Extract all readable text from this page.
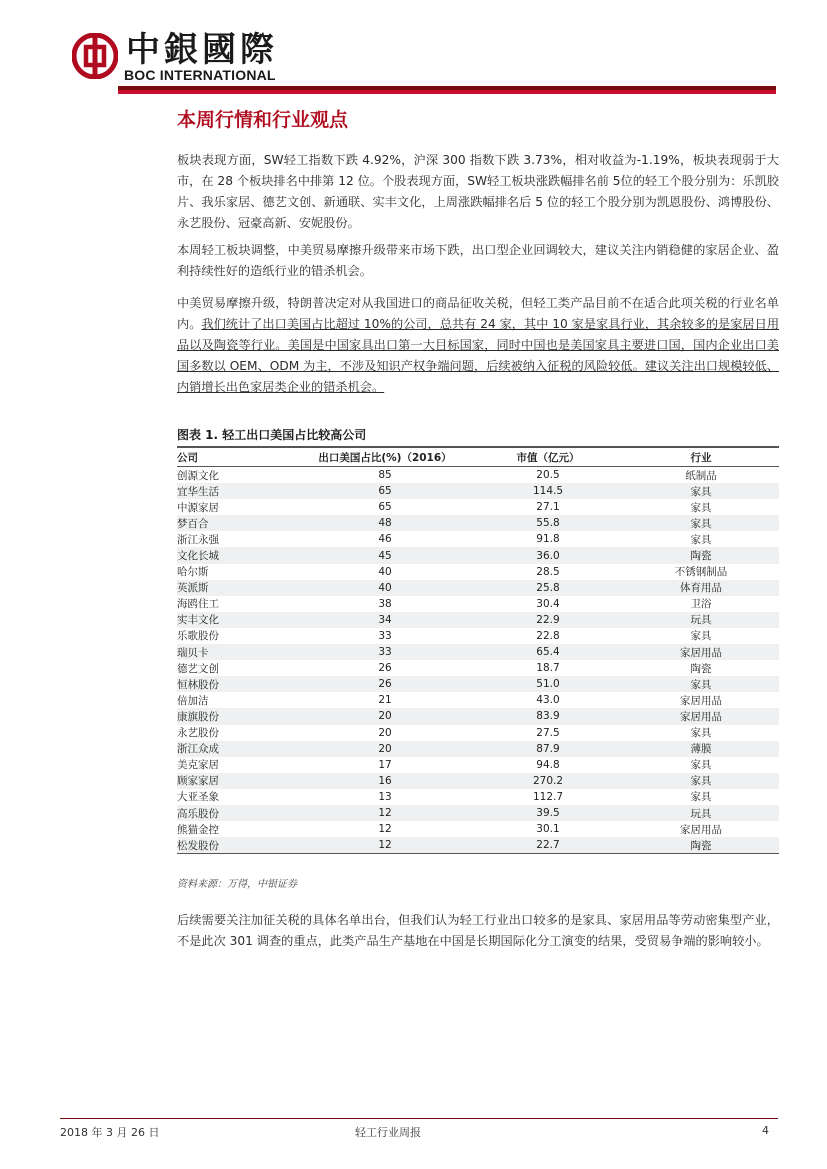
中銀國際
BOC INTERNATIONAL
本周行情和行业观点

板块表现方面，SW轻工指数下跌 4.92%，沪深 300 指数下跌 3.73%，相对收益为-1.19%，板块表现弱于大市，在 28 个板块排名中排第 12 位。个股表现方面，SW轻工板块涨跌幅排名前 5位的轻工个股分别为：乐凯胶片、我乐家居、德艺文创、新通联、实丰文化，上周涨跌幅排名后 5 位的轻工个股分别为凯恩股份、鸿博股份、永艺股份、冠豪高新、安妮股份。

本周轻工板块调整，中美贸易摩擦升级带来市场下跌，出口型企业回调较大，建议关注内销稳健的家居企业、盈利持续性好的造纸行业的错杀机会。

中美贸易摩擦升级，特朗普决定对从我国进口的商品征收关税，但轻工类产品目前不在适合此项关税的行业名单内。我们统计了出口美国占比超过 10%的公司，总共有 24 家，其中 10 家是家具行业，其余较多的是家居日用品以及陶瓷等行业。美国是中国家具出口第一大目标国家，同时中国也是美国家具主要进口国，国内企业出口美国多数以 OEM、ODM 为主，不涉及知识产权争端问题，后续被纳入征税的风险较低。建议关注出口规模较低、内销增长出色家居类企业的错杀机会。

图表 1. 轻工出口美国占比较高公司
公司	出口美国占比(%)（2016）	市值（亿元）	行业
创源文化	85	20.5	纸制品
宜华生活	65	114.5	家具
中源家居	65	27.1	家具
梦百合	48	55.8	家具
浙江永强	46	91.8	家具
文化长城	45	36.0	陶瓷
哈尔斯	40	28.5	不锈钢制品
英派斯	40	25.8	体育用品
海鸥住工	38	30.4	卫浴
实丰文化	34	22.9	玩具
乐歌股份	33	22.8	家具
瑞贝卡	33	65.4	家居用品
德艺文创	26	18.7	陶瓷
恒林股份	26	51.0	家具
倍加洁	21	43.0	家居用品
康旗股份	20	83.9	家居用品
永艺股份	20	27.5	家具
浙江众成	20	87.9	薄膜
美克家居	17	94.8	家具
顾家家居	16	270.2	家具
大亚圣象	13	112.7	家具
高乐股份	12	39.5	玩具
熊猫金控	12	30.1	家居用品
松发股份	12	22.7	陶瓷
资料来源：万得，中银证券

后续需要关注加征关税的具体名单出台，但我们认为轻工行业出口较多的是家具、家居用品等劳动密集型产业，不是此次 301 调查的重点，此类产品生产基地在中国是长期国际化分工演变的结果，受贸易争端的影响较小。

2018 年 3 月 26 日	轻工行业周报	4
